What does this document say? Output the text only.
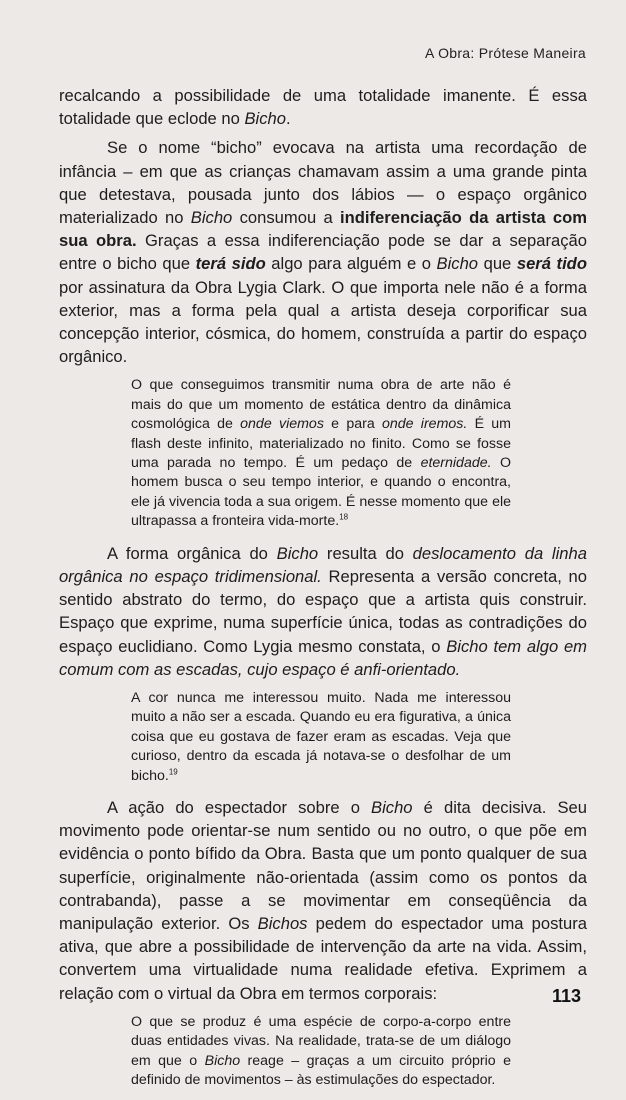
A Obra: Prótese Maneira

recalcando a possibilidade de uma totalidade imanente. É essa totalidade que eclode no Bicho.

Se o nome “bicho” evocava na artista uma recordação de infância – em que as crianças chamavam assim a uma grande pinta que detestava, pousada junto dos lábios — o espaço orgânico materializado no Bicho consumou a indiferenciação da artista com sua obra. Graças a essa indiferenciação pode se dar a separação entre o bicho que terá sido algo para alguém e o Bicho que será tido por assinatura da Obra Lygia Clark. O que importa nele não é a forma exterior, mas a forma pela qual a artista deseja corporificar sua concepção interior, cósmica, do homem, construída a partir do espaço orgânico.

O que conseguimos transmitir numa obra de arte não é mais do que um momento de estática dentro da dinâmica cosmológica de onde viemos e para onde iremos. É um flash deste infinito, materializado no finito. Como se fosse uma parada no tempo. É um pedaço de eternidade. O homem busca o seu tempo interior, e quando o encontra, ele já vivencia toda a sua origem. É nesse momento que ele ultrapassa a fronteira vida-morte.$^{18}$

A forma orgânica do Bicho resulta do deslocamento da linha orgânica no espaço tridimensional. Representa a versão concreta, no sentido abstrato do termo, do espaço que a artista quis construir. Espaço que exprime, numa superfície única, todas as contradições do espaço euclidiano. Como Lygia mesmo constata, o Bicho tem algo em comum com as escadas, cujo espaço é anfi-orientado.

A cor nunca me interessou muito. Nada me interessou muito a não ser a escada. Quando eu era figurativa, a única coisa que eu gostava de fazer eram as escadas. Veja que curioso, dentro da escada já notava-se o desfolhar de um bicho.$^{19}$

A ação do espectador sobre o Bicho é dita decisiva. Seu movimento pode orientar-se num sentido ou no outro, o que põe em evidência o ponto bífido da Obra. Basta que um ponto qualquer de sua superfície, originalmente não-orientada (assim como os pontos da contrabanda), passe a se movimentar em conseqüência da manipulação exterior. Os Bichos pedem do espectador uma postura ativa, que abre a possibilidade de intervenção da arte na vida. Assim, convertem uma virtualidade numa realidade efetiva. Exprimem a relação com o virtual da Obra em termos corporais:

O que se produz é uma espécie de corpo-a-corpo entre duas entidades vivas. Na realidade, trata-se de um diálogo em que o Bicho reage – graças a um circuito próprio e definido de movimentos – às estimulações do espectador.

113
